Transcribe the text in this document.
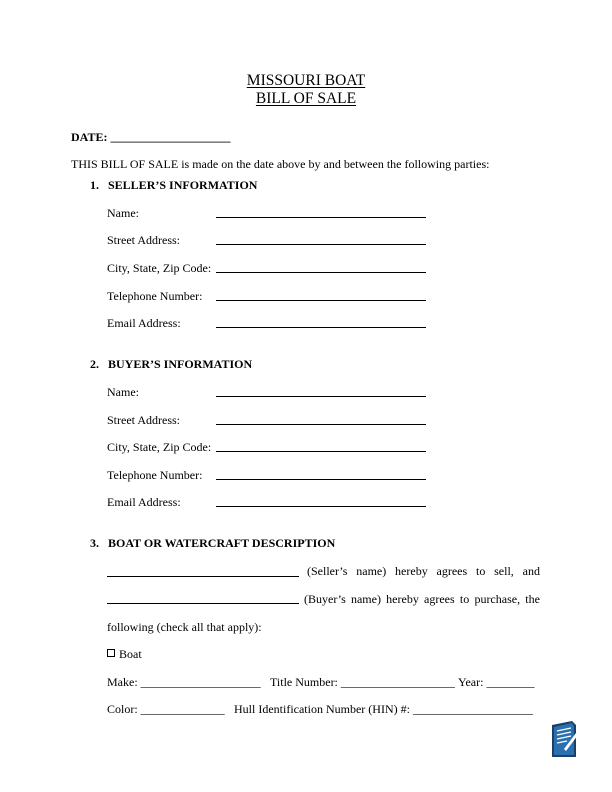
MISSOURI BOAT
BILL OF SALE
DATE: ____________________
THIS BILL OF SALE is made on the date above by and between the following parties:
1. SELLER’S INFORMATION
Name:
Street Address:
City, State, Zip Code:
Telephone Number:
Email Address:
2. BUYER’S INFORMATION
Name:
Street Address:
City, State, Zip Code:
Telephone Number:
Email Address:
3. BOAT OR WATERCRAFT DESCRIPTION
(Seller’s name) hereby agrees to sell, and
(Buyer’s name) hereby agrees to purchase, the
following (check all that apply):
Boat
Make: ____________________ Title Number: ___________________ Year: ________
Color: ______________ Hull Identification Number (HIN) #: ____________________
